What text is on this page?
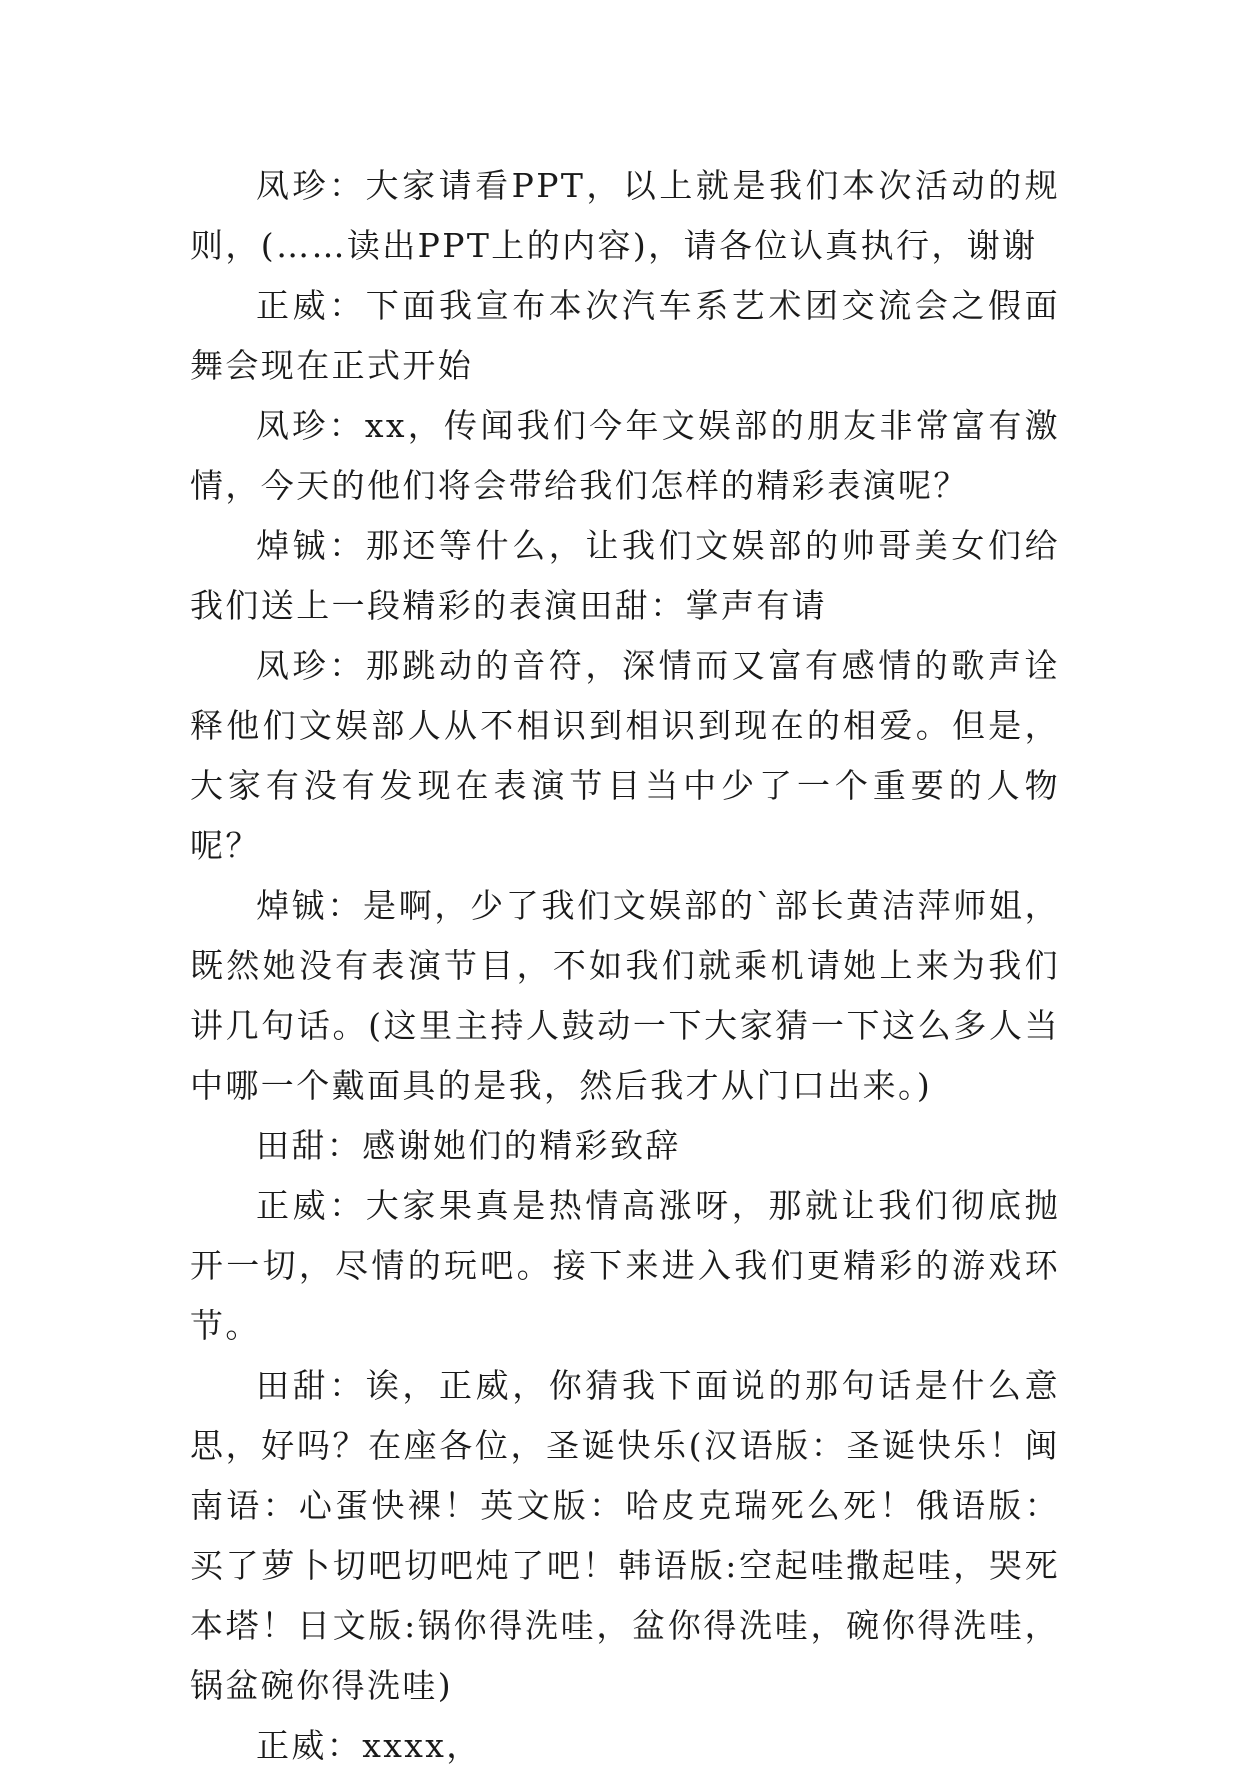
凤珍：大家请看PPT，以上就是我们本次活动的规则，(……读出PPT上的内容)，请各位认真执行，谢谢

正威：下面我宣布本次汽车系艺术团交流会之假面舞会现在正式开始

凤珍：xx，传闻我们今年文娱部的朋友非常富有激情，今天的他们将会带给我们怎样的精彩表演呢？

焯铖：那还等什么，让我们文娱部的帅哥美女们给我们送上一段精彩的表演田甜：掌声有请

凤珍：那跳动的音符，深情而又富有感情的歌声诠释他们文娱部人从不相识到相识到现在的相爱。但是，大家有没有发现在表演节目当中少了一个重要的人物呢？

焯铖：是啊，少了我们文娱部的`部长黄洁萍师姐，既然她没有表演节目，不如我们就乘机请她上来为我们讲几句话。(这里主持人鼓动一下大家猜一下这么多人当中哪一个戴面具的是我，然后我才从门口出来。)

田甜：感谢她们的精彩致辞

正威：大家果真是热情高涨呀，那就让我们彻底抛开一切，尽情的玩吧。接下来进入我们更精彩的游戏环节。

田甜：诶，正威，你猜我下面说的那句话是什么意思，好吗？在座各位，圣诞快乐(汉语版：圣诞快乐！闽南语：心蛋快裸！英文版：哈皮克瑞死么死！俄语版：买了萝卜切吧切吧炖了吧！韩语版:空起哇撒起哇，哭死本塔！日文版:锅你得洗哇，盆你得洗哇，碗你得洗哇，锅盆碗你得洗哇)

正威：xxxx，
